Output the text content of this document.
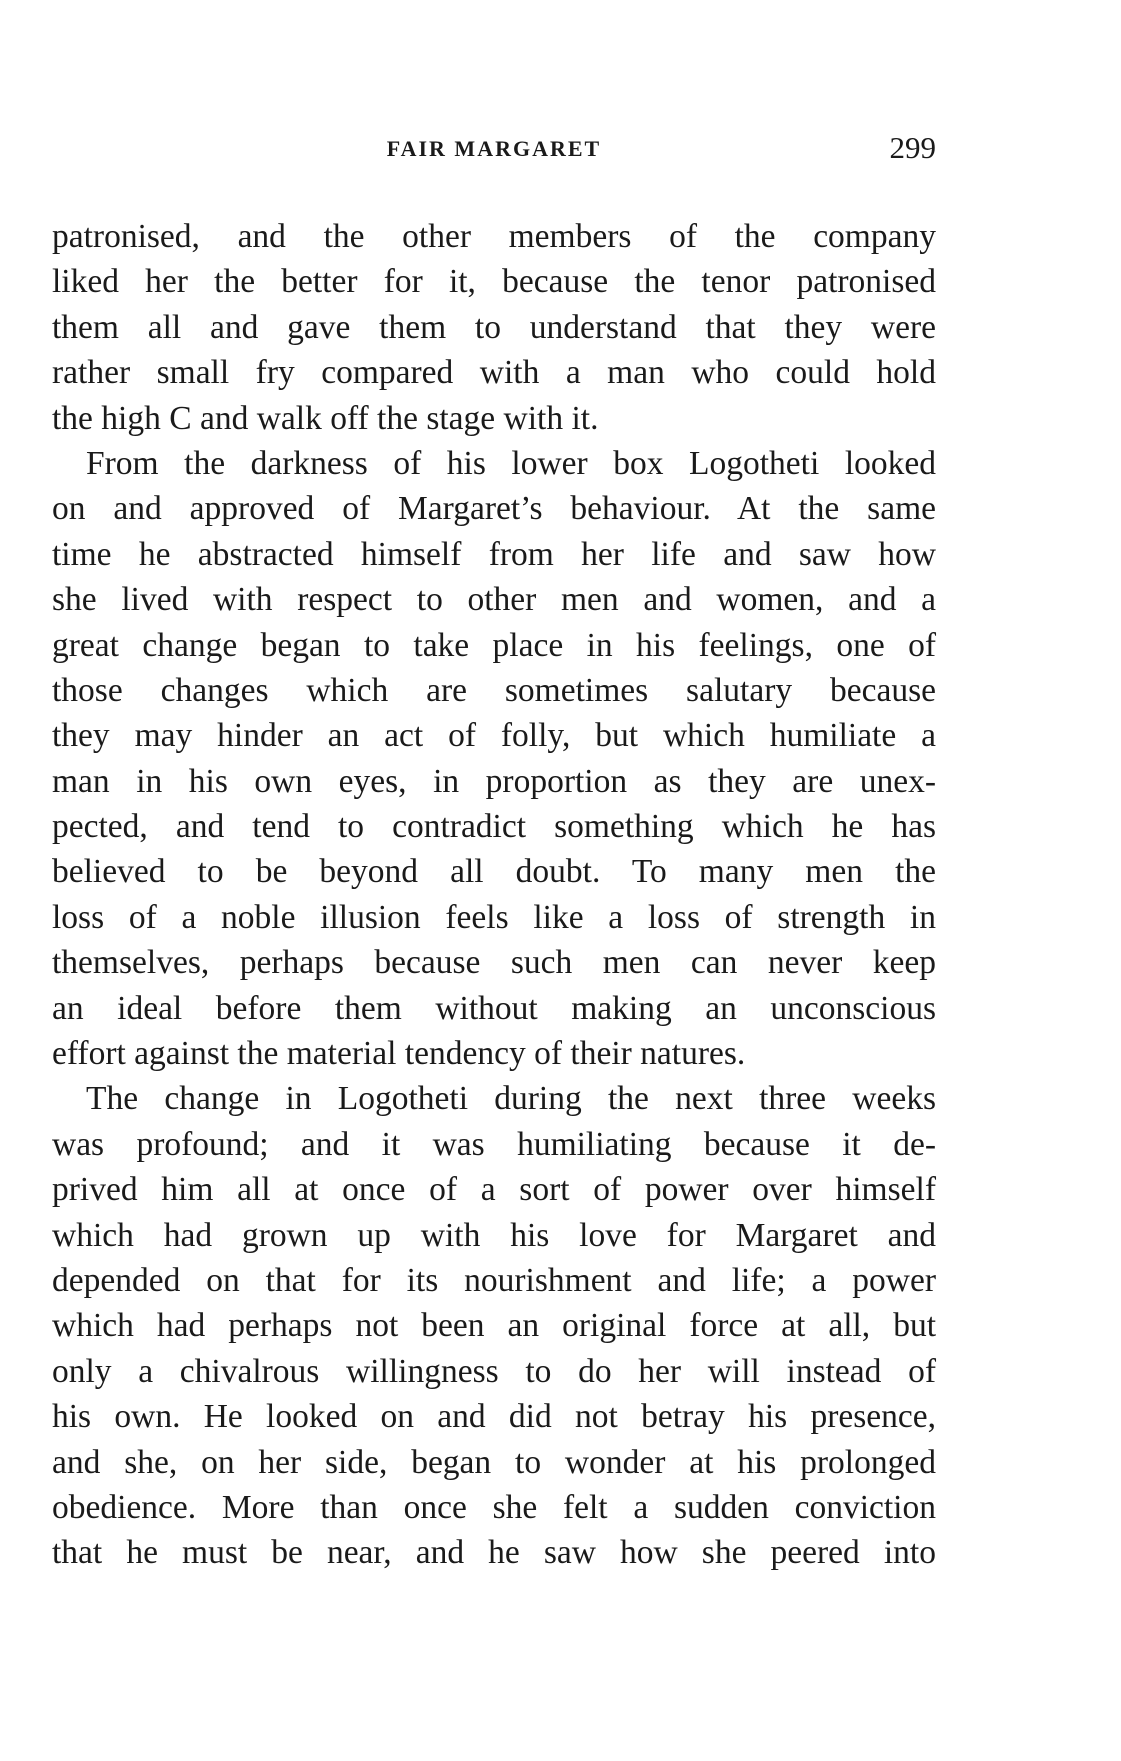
FAIR MARGARET	299
patronised, and the other members of the company
liked her the better for it, because the tenor patronised
them all and gave them to understand that they were
rather small fry compared with a man who could hold
the high C and walk off the stage with it.
From the darkness of his lower box Logotheti looked
on and approved of Margaret’s behaviour. At the same
time he abstracted himself from her life and saw how
she lived with respect to other men and women, and a
great change began to take place in his feelings, one of
those changes which are sometimes salutary because
they may hinder an act of folly, but which humiliate a
man in his own eyes, in proportion as they are unex-
pected, and tend to contradict something which he has
believed to be beyond all doubt. To many men the
loss of a noble illusion feels like a loss of strength in
themselves, perhaps because such men can never keep
an ideal before them without making an unconscious
effort against the material tendency of their natures.
The change in Logotheti during the next three weeks
was profound; and it was humiliating because it de-
prived him all at once of a sort of power over himself
which had grown up with his love for Margaret and
depended on that for its nourishment and life; a power
which had perhaps not been an original force at all, but
only a chivalrous willingness to do her will instead of
his own. He looked on and did not betray his presence,
and she, on her side, began to wonder at his prolonged
obedience. More than once she felt a sudden conviction
that he must be near, and he saw how she peered into
